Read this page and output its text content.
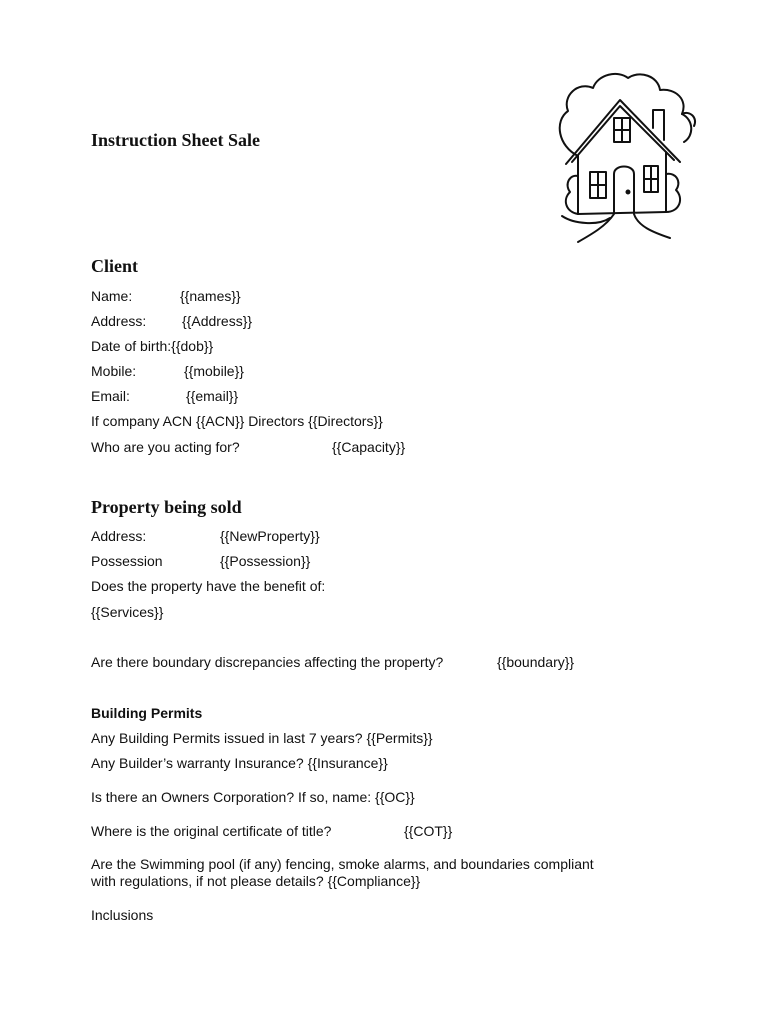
Instruction Sheet Sale
Client
Name:	{{names}}
Address:	{{Address}}
Date of birth:{{dob}}
Mobile:	{{mobile}}
Email:	{{email}}
If company ACN {{ACN}} Directors {{Directors}}
Who are you acting for?	{{Capacity}}
Property being sold
Address:	{{NewProperty}}
Possession	{{Possession}}
Does the property have the benefit of:
{{Services}}
Are there boundary discrepancies affecting the property?	{{boundary}}
Building Permits
Any Building Permits issued in last 7 years? {{Permits}}
Any Builder’s warranty Insurance? {{Insurance}}
Is there an Owners Corporation? If so, name: {{OC}}
Where is the original certificate of title?	{{COT}}
Are the Swimming pool (if any) fencing, smoke alarms, and boundaries compliant
with regulations, if not please details? {{Compliance}}
Inclusions
